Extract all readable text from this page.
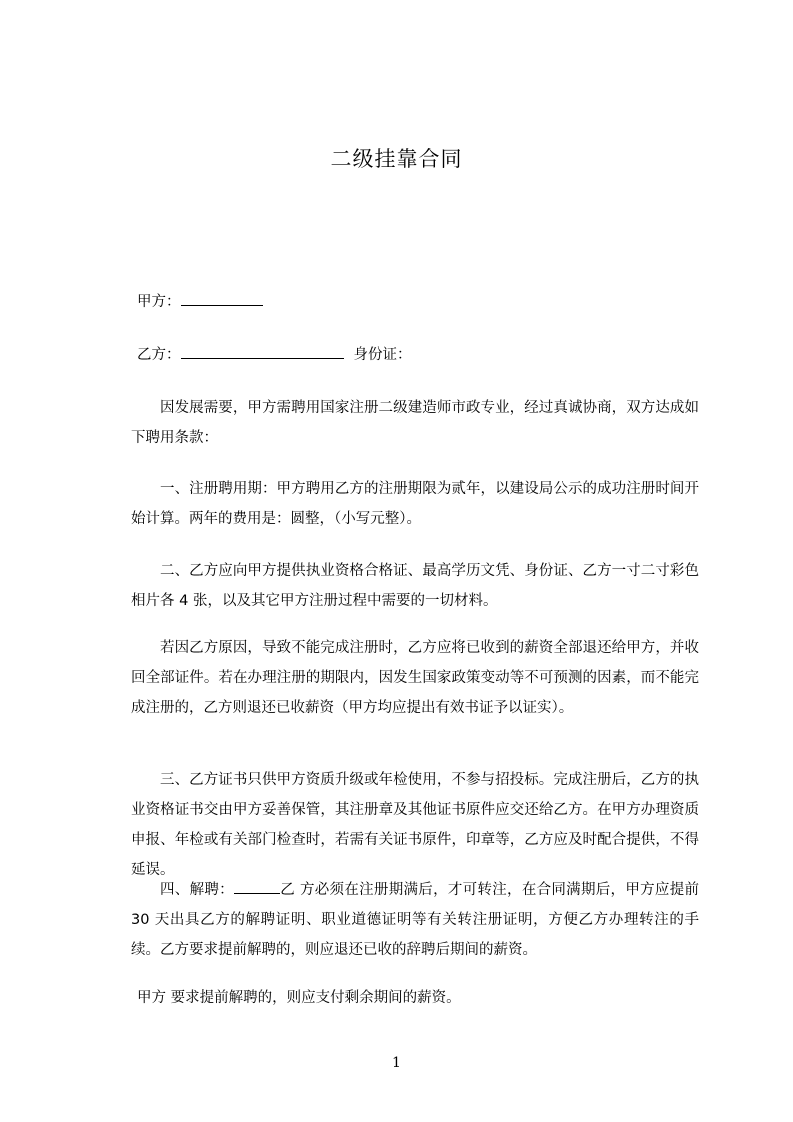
二级挂靠合同
甲方：
乙方：	身份证：
因发展需要，甲方需聘用国家注册二级建造师市政专业，经过真诚协商，双方达成如下聘用条款：
一、注册聘用期：甲方聘用乙方的注册期限为贰年，以建设局公示的成功注册时间开始计算。两年的费用是：圆整，（小写元整）。
二、乙方应向甲方提供执业资格合格证、最高学历文凭、身份证、乙方一寸二寸彩色相片各 4 张，以及其它甲方注册过程中需要的一切材料。
若因乙方原因，导致不能完成注册时，乙方应将已收到的薪资全部退还给甲方，并收回全部证件。若在办理注册的期限内，因发生国家政策变动等不可预测的因素，而不能完成注册的，乙方则退还已收薪资（甲方均应提出有效书证予以证实）。
三、乙方证书只供甲方资质升级或年检使用，不参与招投标。完成注册后，乙方的执业资格证书交由甲方妥善保管，其注册章及其他证书原件应交还给乙方。在甲方办理资质申报、年检或有关部门检查时，若需有关证书原件，印章等，乙方应及时配合提供，不得延误。
四、解聘：	乙 方必须在注册期满后，才可转注，在合同满期后，甲方应提前 30 天出具乙方的解聘证明、职业道德证明等有关转注册证明，方便乙方办理转注的手续。乙方要求提前解聘的，则应退还已收的辞聘后期间的薪资。
甲方 要求提前解聘的，则应支付剩余期间的薪资。
1
